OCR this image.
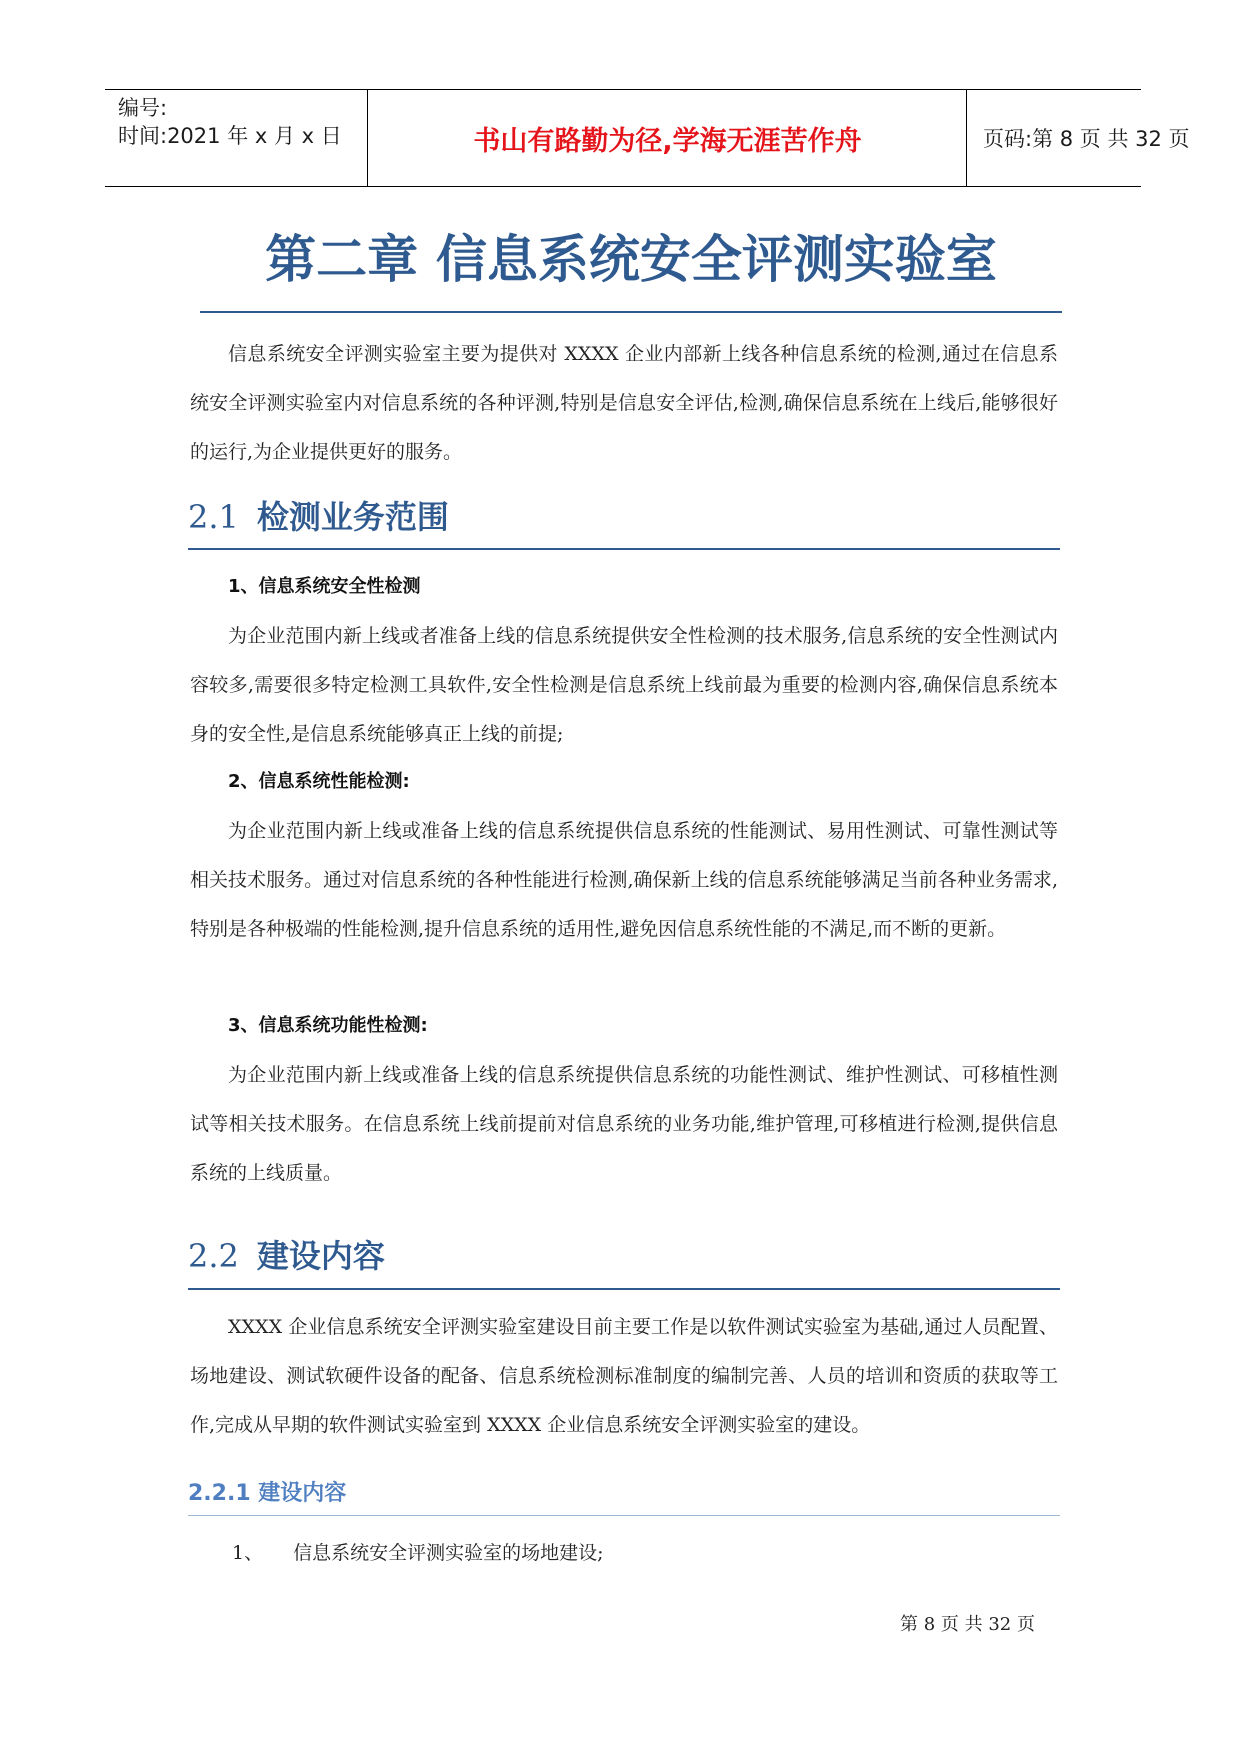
编号:
时间:2021 年 x 月 x 日	书山有路勤为径,学海无涯苦作舟	页码:第 8 页 共 32 页
第二章 信息系统安全评测实验室
信息系统安全评测实验室主要为提供对 XXXX 企业内部新上线各种信息系统的检测,通过在信息系统安全评测实验室内对信息系统的各种评测,特别是信息安全评估,检测,确保信息系统在上线后,能够很好的运行,为企业提供更好的服务。
2.1 检测业务范围
1、信息系统安全性检测
为企业范围内新上线或者准备上线的信息系统提供安全性检测的技术服务,信息系统的安全性测试内容较多,需要很多特定检测工具软件,安全性检测是信息系统上线前最为重要的检测内容,确保信息系统本身的安全性,是信息系统能够真正上线的前提;
2、信息系统性能检测:
为企业范围内新上线或准备上线的信息系统提供信息系统的性能测试、易用性测试、可靠性测试等相关技术服务。通过对信息系统的各种性能进行检测,确保新上线的信息系统能够满足当前各种业务需求,特别是各种极端的性能检测,提升信息系统的适用性,避免因信息系统性能的不满足,而不断的更新。
3、信息系统功能性检测:
为企业范围内新上线或准备上线的信息系统提供信息系统的功能性测试、维护性测试、可移植性测试等相关技术服务。在信息系统上线前提前对信息系统的业务功能,维护管理,可移植进行检测,提供信息系统的上线质量。
2.2 建设内容
XXXX 企业信息系统安全评测实验室建设目前主要工作是以软件测试实验室为基础,通过人员配置、场地建设、测试软硬件设备的配备、信息系统检测标准制度的编制完善、人员的培训和资质的获取等工作,完成从早期的软件测试实验室到 XXXX 企业信息系统安全评测实验室的建设。
2.2.1 建设内容
1、 信息系统安全评测实验室的场地建设;
第 8 页 共 32 页
